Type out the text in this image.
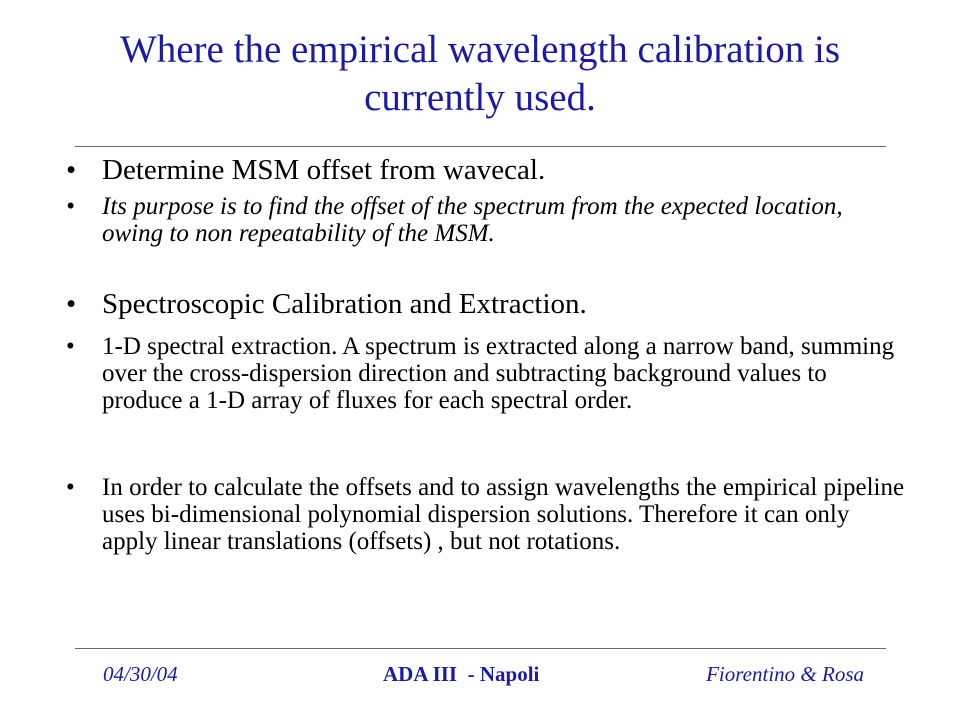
Where the empirical wavelength calibration is currently used.
• Determine MSM offset from wavecal.
• Its purpose is to find the offset of the spectrum from the expected location, owing to non repeatability of the MSM.
• Spectroscopic Calibration and Extraction.
• 1-D spectral extraction. A spectrum is extracted along a narrow band, summing over the cross-dispersion direction and subtracting background values to produce a 1-D array of fluxes for each spectral order.
• In order to calculate the offsets and to assign wavelengths the empirical pipeline uses bi-dimensional polynomial dispersion solutions. Therefore it can only apply linear translations (offsets) , but not rotations.
04/30/04	ADA III  - Napoli	Fiorentino & Rosa
